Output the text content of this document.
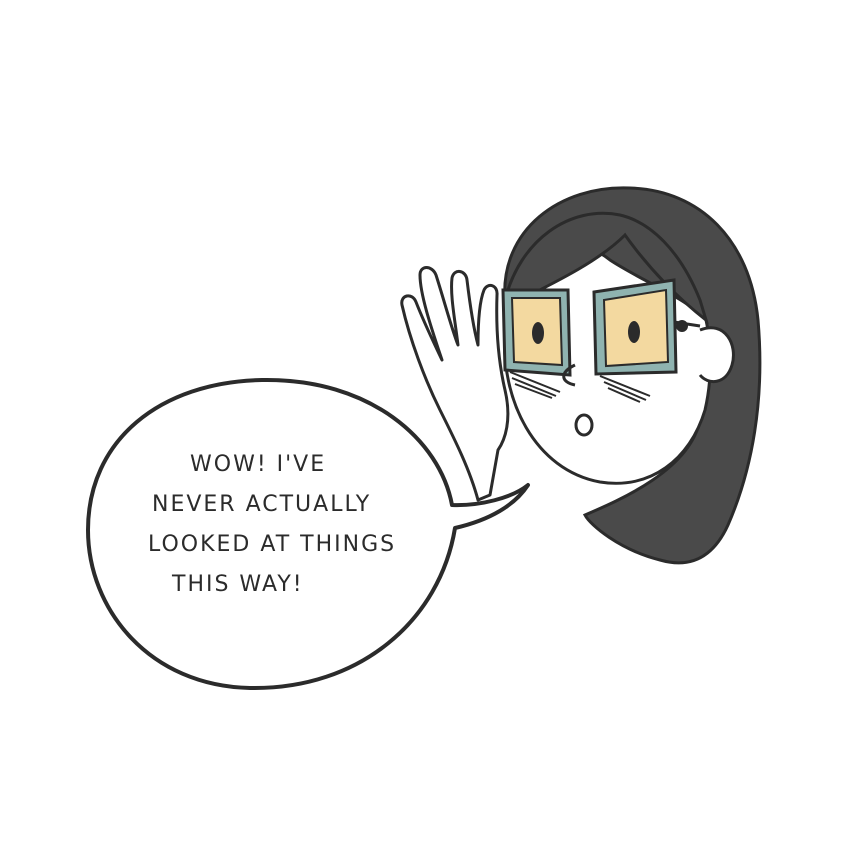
WOW! I'VE
NEVER ACTUALLY
LOOKED AT THINGS
THIS WAY!
